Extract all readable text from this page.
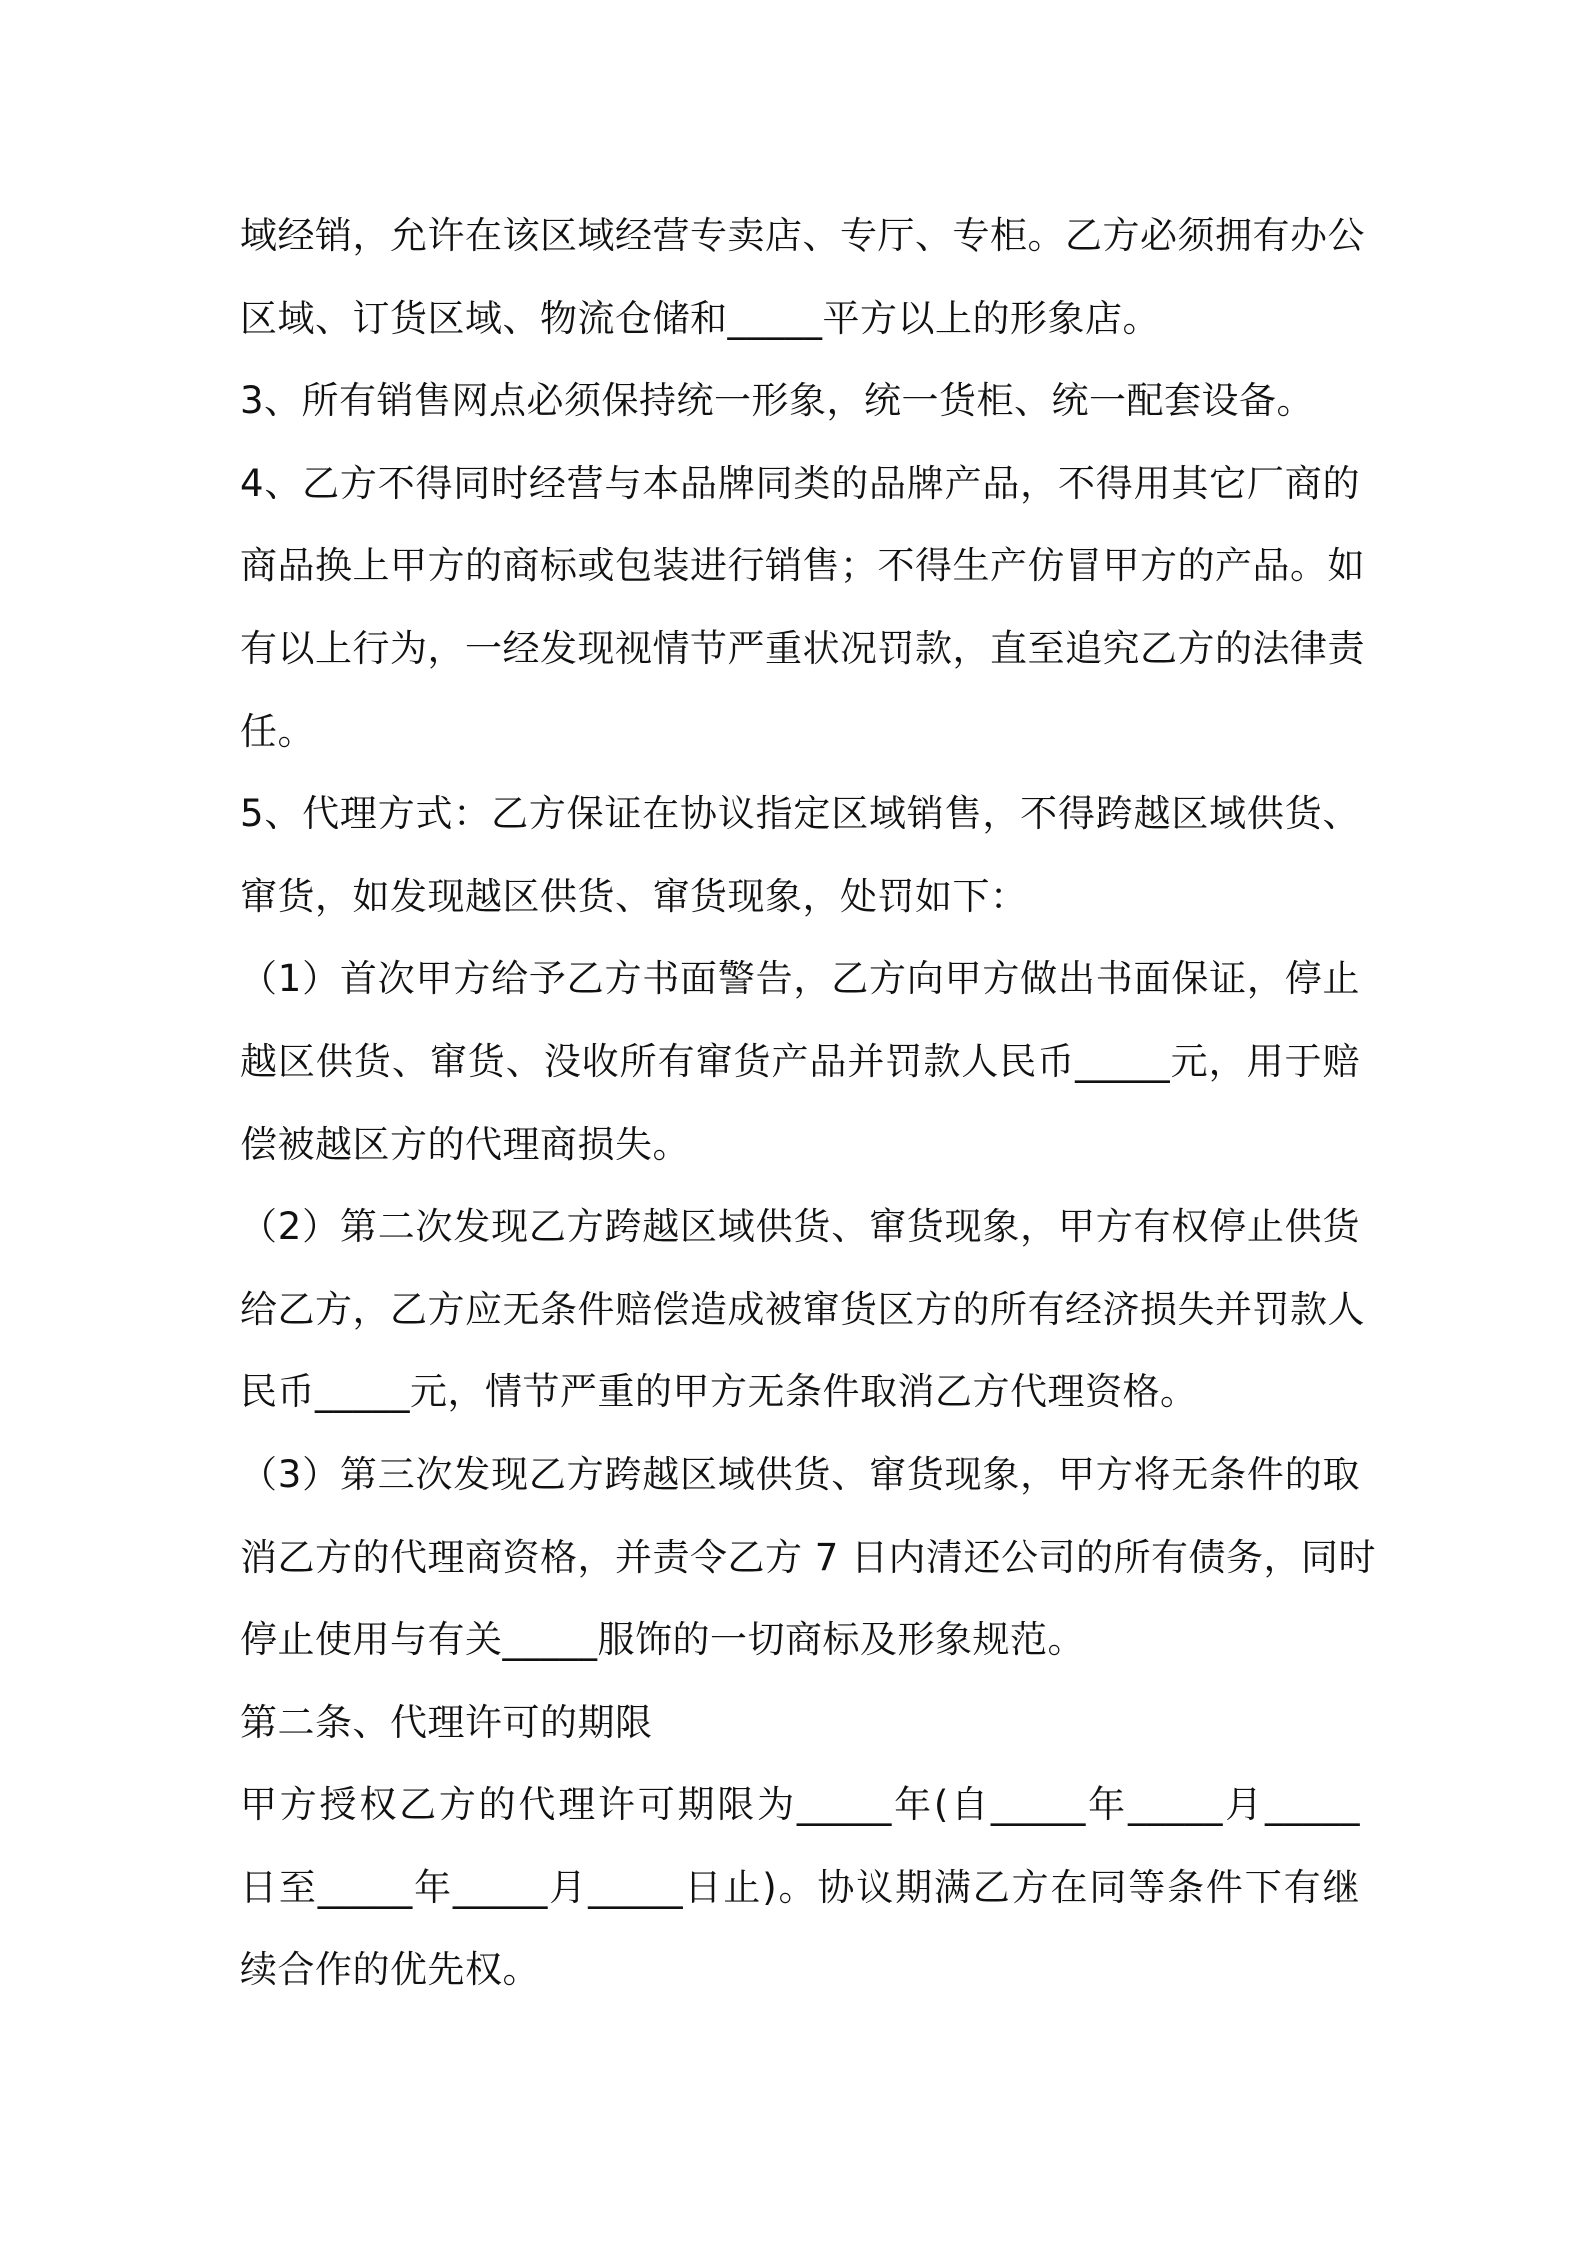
域经销，允许在该区域经营专卖店、专厅、专柜。乙方必须拥有办公
区域、订货区域、物流仓储和_____平方以上的形象店。
3、所有销售网点必须保持统一形象，统一货柜、统一配套设备。
4、乙方不得同时经营与本品牌同类的品牌产品，不得用其它厂商的
商品换上甲方的商标或包装进行销售；不得生产仿冒甲方的产品。如
有以上行为，一经发现视情节严重状况罚款，直至追究乙方的法律责
任。
5、代理方式：乙方保证在协议指定区域销售，不得跨越区域供货、
窜货，如发现越区供货、窜货现象，处罚如下：
（1）首次甲方给予乙方书面警告，乙方向甲方做出书面保证，停止
越区供货、窜货、没收所有窜货产品并罚款人民币_____元，用于赔
偿被越区方的代理商损失。
（2）第二次发现乙方跨越区域供货、窜货现象，甲方有权停止供货
给乙方，乙方应无条件赔偿造成被窜货区方的所有经济损失并罚款人
民币_____元，情节严重的甲方无条件取消乙方代理资格。
（3）第三次发现乙方跨越区域供货、窜货现象，甲方将无条件的取
消乙方的代理商资格，并责令乙方 7 日内清还公司的所有债务，同时
停止使用与有关_____服饰的一切商标及形象规范。
第二条、代理许可的期限
甲方授权乙方的代理许可期限为_____年(自_____年_____月_____
日至_____年_____月_____日止)。协议期满乙方在同等条件下有继
续合作的优先权。
